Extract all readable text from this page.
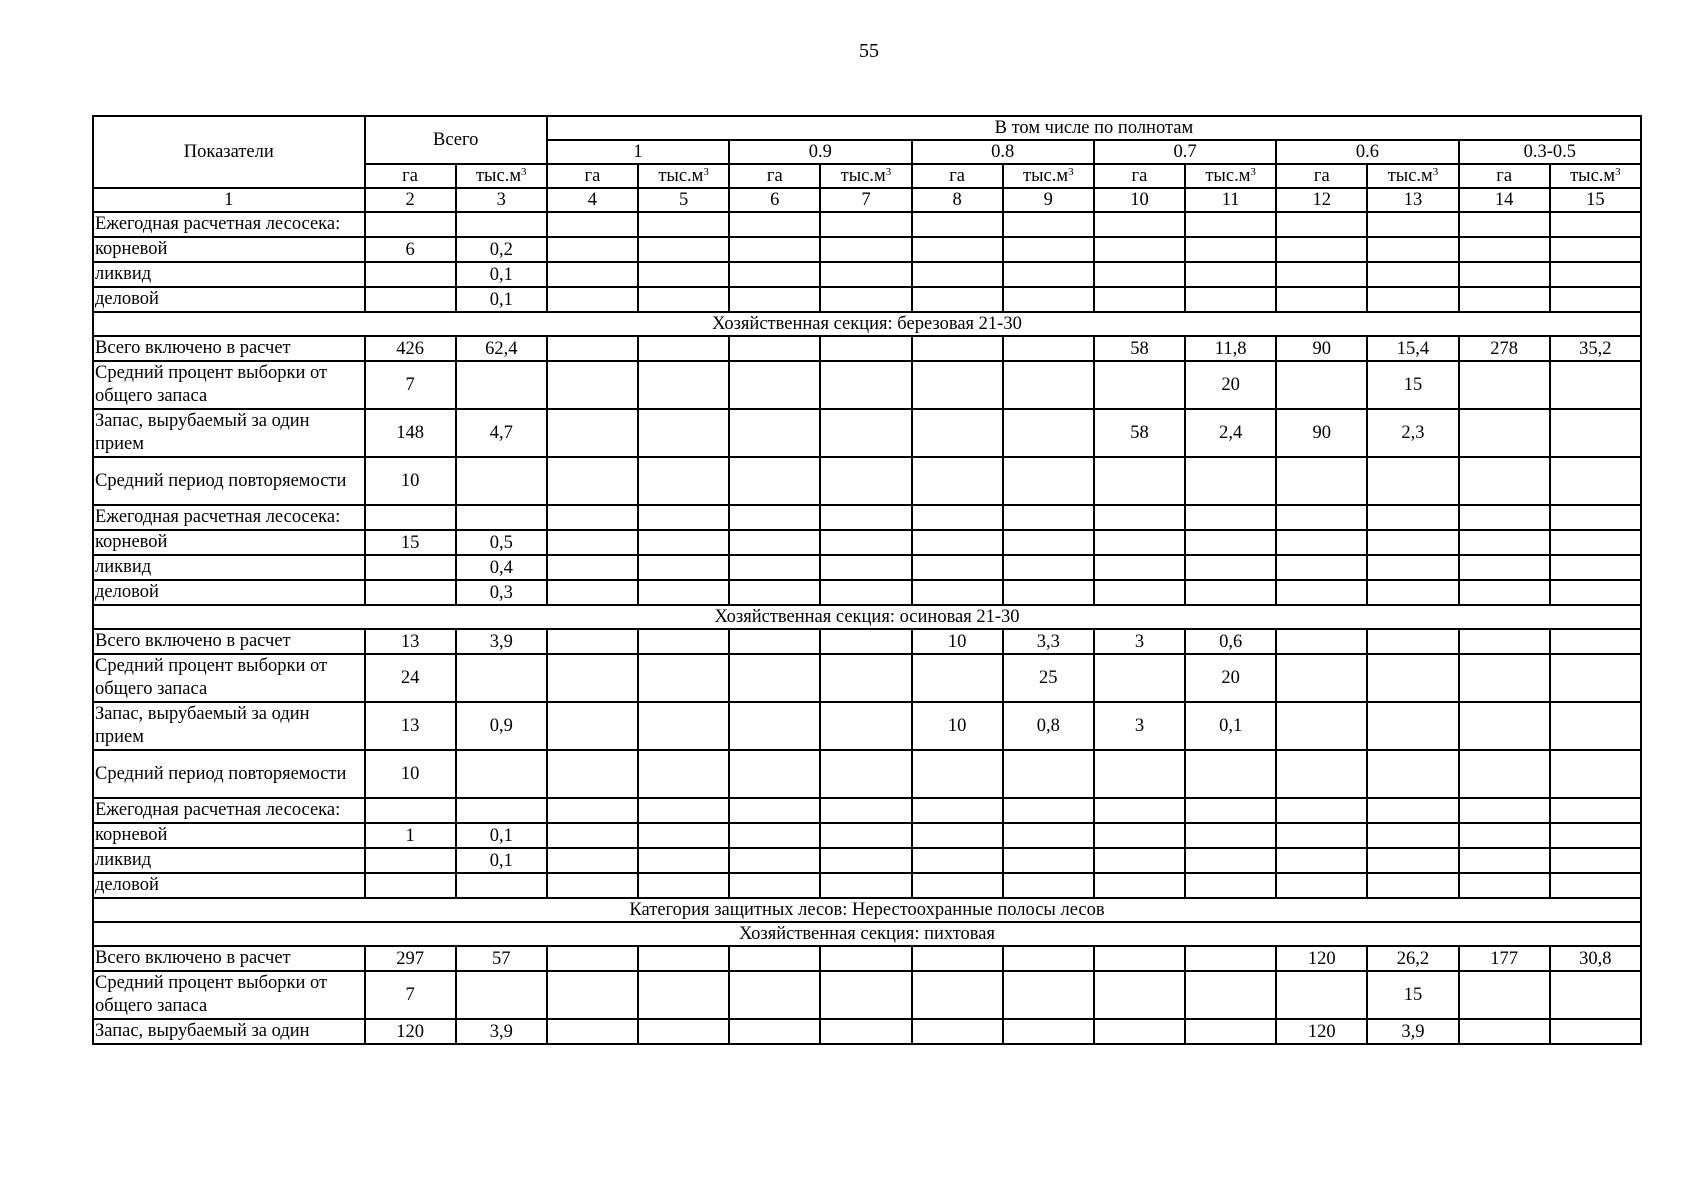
55
Показатели	Всего		В том числе по полнотам											
			1		0.9		0.8		0.7		0.6		0.3-0.5	
	га	$тыс.м^3$	га	$тыс.м^3$	га	$тыс.м^3$	га	$тыс.м^3$	га	$тыс.м^3$	га	$тыс.м^3$	га	$тыс.м^3$
1	2	3	4	5	6	7	8	9	10	11	12	13	14	15
Ежегодная расчетная лесосека:														
корневой	6	0,2												
ликвид		0,1												
деловой		0,1												
Хозяйственная секция: березовая 21-30														
Всего включено в расчет	426	62,4							58	11,8	90	15,4	278	35,2
Средний процент выборки от общего запаса	7									20		15		
Запас, вырубаемый за один прием	148	4,7							58	2,4	90	2,3		
Средний период повторяемости	10													
Ежегодная расчетная лесосека:														
корневой	15	0,5												
ликвид		0,4												
деловой		0,3												
Хозяйственная секция: осиновая 21-30														
Всего включено в расчет	13	3,9					10	3,3	3	0,6				
Средний процент выборки от общего запаса	24							25		20				
Запас, вырубаемый за один прием	13	0,9					10	0,8	3	0,1				
Средний период повторяемости	10													
Ежегодная расчетная лесосека:														
корневой	1	0,1												
ликвид		0,1												
деловой														
Категория защитных лесов: Нерестоохранные полосы лесов														
Хозяйственная секция: пихтовая														
Всего включено в расчет	297	57									120	26,2	177	30,8
Средний процент выборки от общего запаса	7											15		
Запас, вырубаемый за один	120	3,9									120	3,9		
